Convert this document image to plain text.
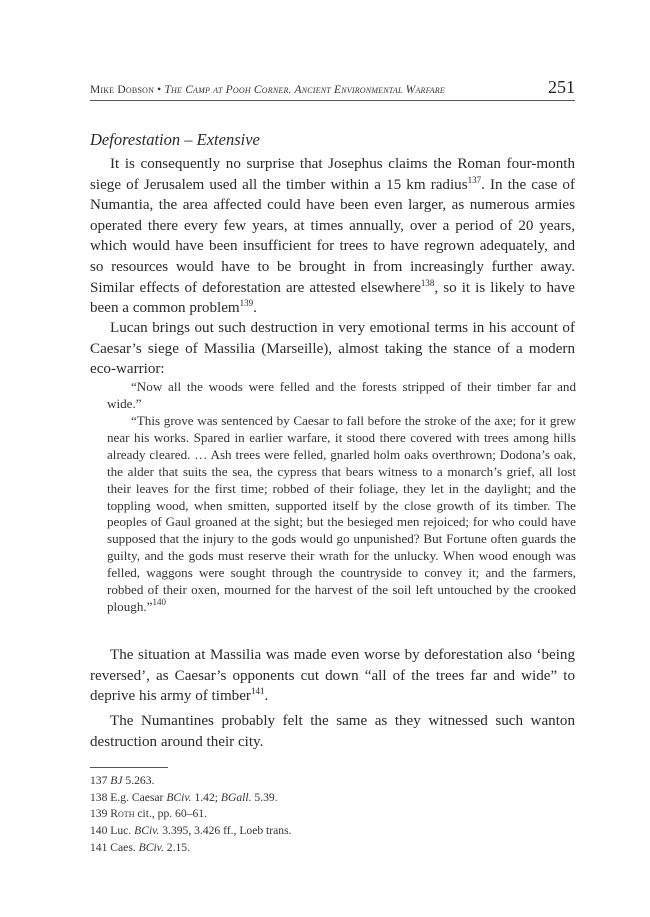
Mike Dobson • The Camp at Pooh Corner. Ancient Environmental Warfare	251
Deforestation – Extensive

It is consequently no surprise that Josephus claims the Roman four-month siege of Jerusalem used all the timber within a 15 km radius$^{137}$. In the case of Numantia, the area affected could have been even larger, as numerous armies operated there every few years, at times annually, over a period of 20 years, which would have been insufficient for trees to have regrown adequately, and so resources would have to be brought in from increasingly further away. Similar effects of deforestation are attested elsewhere$^{138}$, so it is likely to have been a common problem$^{139}$.

Lucan brings out such destruction in very emotional terms in his account of Caesar’s siege of Massilia (Marseille), almost taking the stance of a modern eco-warrior:

“Now all the woods were felled and the forests stripped of their timber far and wide.”

“This grove was sentenced by Caesar to fall before the stroke of the axe; for it grew near his works. Spared in earlier warfare, it stood there covered with trees among hills already cleared. … Ash trees were felled, gnarled holm oaks overthrown; Dodona’s oak, the alder that suits the sea, the cypress that bears witness to a monarch’s grief, all lost their leaves for the first time; robbed of their foliage, they let in the daylight; and the toppling wood, when smitten, supported itself by the close growth of its timber. The peoples of Gaul groaned at the sight; but the besieged men rejoiced; for who could have supposed that the injury to the gods would go unpunished? But Fortune often guards the guilty, and the gods must reserve their wrath for the unlucky. When wood enough was felled, waggons were sought through the countryside to convey it; and the farmers, robbed of their oxen, mourned for the harvest of the soil left untouched by the crooked plough.”$^{140}$

The situation at Massilia was made even worse by deforestation also ‘being reversed’, as Caesar’s opponents cut down “all of the trees far and wide” to deprive his army of timber$^{141}$.

The Numantines probably felt the same as they witnessed such wanton destruction around their city.

137 BJ 5.263.
138 E.g. Caesar BCiv. 1.42; BGall. 5.39.
139 Roth cit., pp. 60–61.
140 Luc. BCiv. 3.395, 3.426 ff., Loeb trans.
141 Caes. BCiv. 2.15.
